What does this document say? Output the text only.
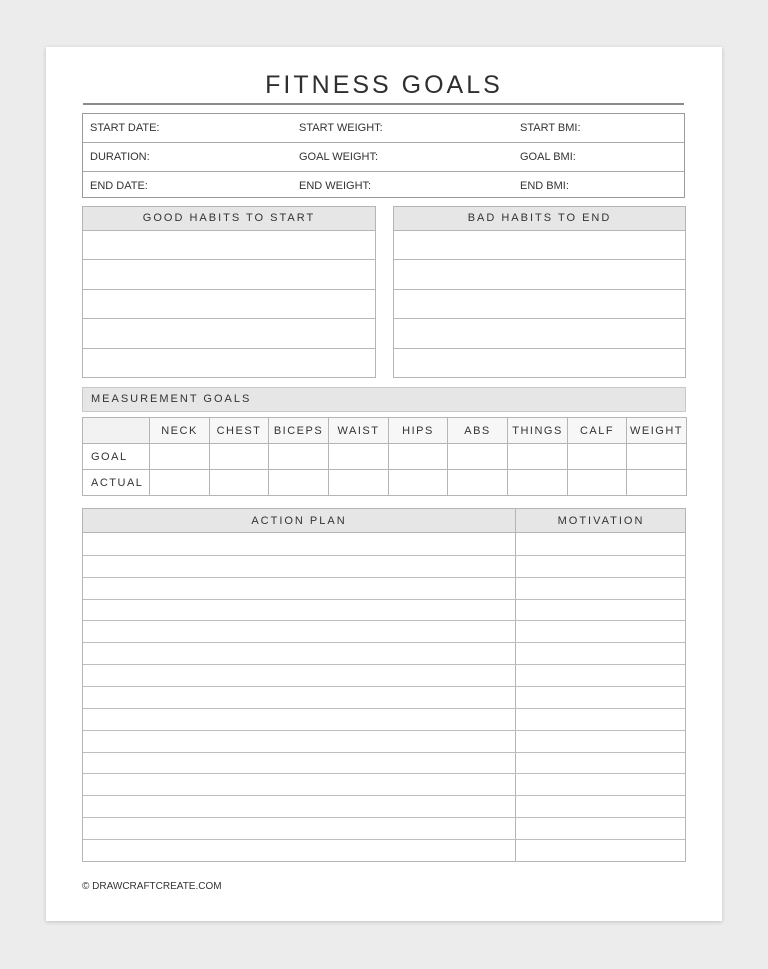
FITNESS GOALS
START DATE:	START WEIGHT:	START BMI:
DURATION:	GOAL WEIGHT:	GOAL BMI:
END DATE:	END WEIGHT:	END BMI:
GOOD HABITS TO START	BAD HABITS TO END
MEASUREMENT GOALS
	NECK	CHEST	BICEPS	WAIST	HIPS	ABS	THINGS	CALF	WEIGHT
GOAL									
ACTUAL									
ACTION PLAN	MOTIVATION
© DRAWCRAFTCREATE.COM
